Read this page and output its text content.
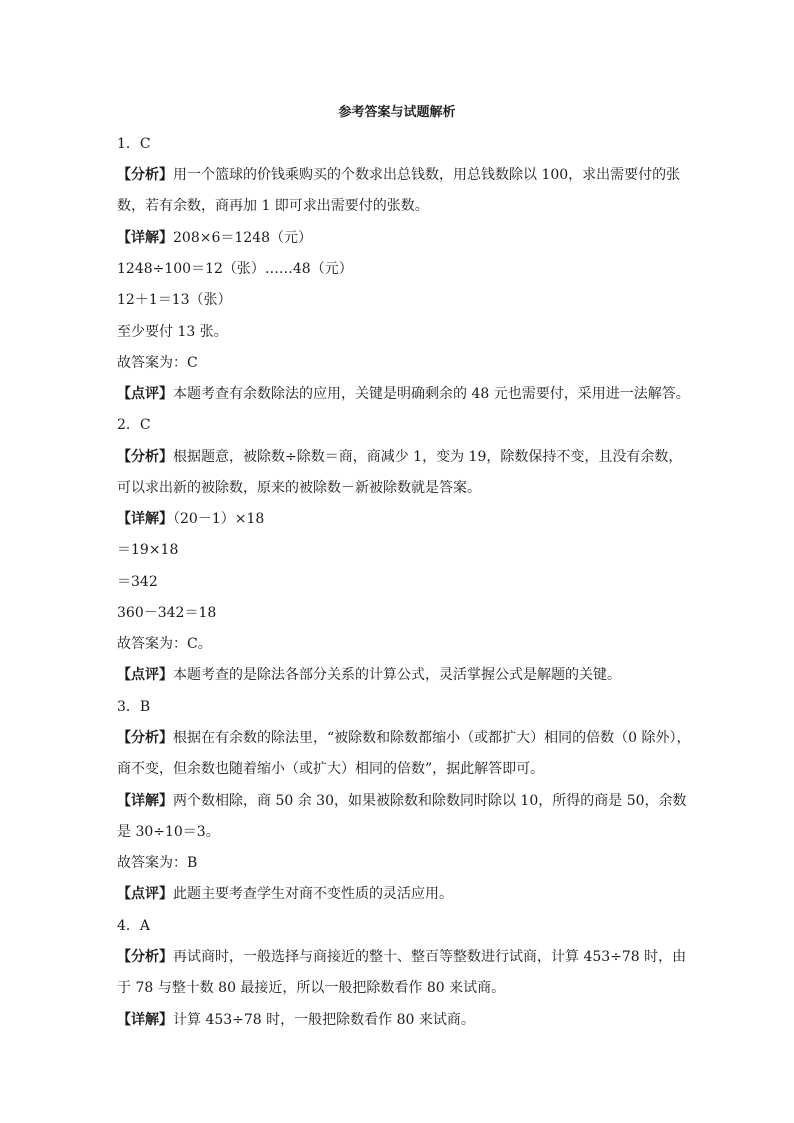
参考答案与试题解析
1．C
【分析】用一个篮球的价钱乘购买的个数求出总钱数，用总钱数除以 100，求出需要付的张
数，若有余数，商再加 1 即可求出需要付的张数。
【详解】208×6＝1248（元）
1248÷100＝12（张）……48（元）
12＋1＝13（张）
至少要付 13 张。
故答案为：C
【点评】本题考查有余数除法的应用，关键是明确剩余的 48 元也需要付，采用进一法解答。
2．C
【分析】根据题意，被除数÷除数＝商，商减少 1，变为 19，除数保持不变，且没有余数，
可以求出新的被除数，原来的被除数－新被除数就是答案。
【详解】（20－1）×18
＝19×18
＝342
360－342＝18
故答案为：C。
【点评】本题考查的是除法各部分关系的计算公式，灵活掌握公式是解题的关键。
3．B
【分析】根据在有余数的除法里，“被除数和除数都缩小（或都扩大）相同的倍数（0 除外），
商不变，但余数也随着缩小（或扩大）相同的倍数”，据此解答即可。
【详解】两个数相除，商 50 余 30，如果被除数和除数同时除以 10，所得的商是 50，余数
是 30÷10＝3。
故答案为：B
【点评】此题主要考查学生对商不变性质的灵活应用。
4．A
【分析】再试商时，一般选择与商接近的整十、整百等整数进行试商，计算 453÷78 时，由
于 78 与整十数 80 最接近，所以一般把除数看作 80 来试商。
【详解】计算 453÷78 时，一般把除数看作 80 来试商。
